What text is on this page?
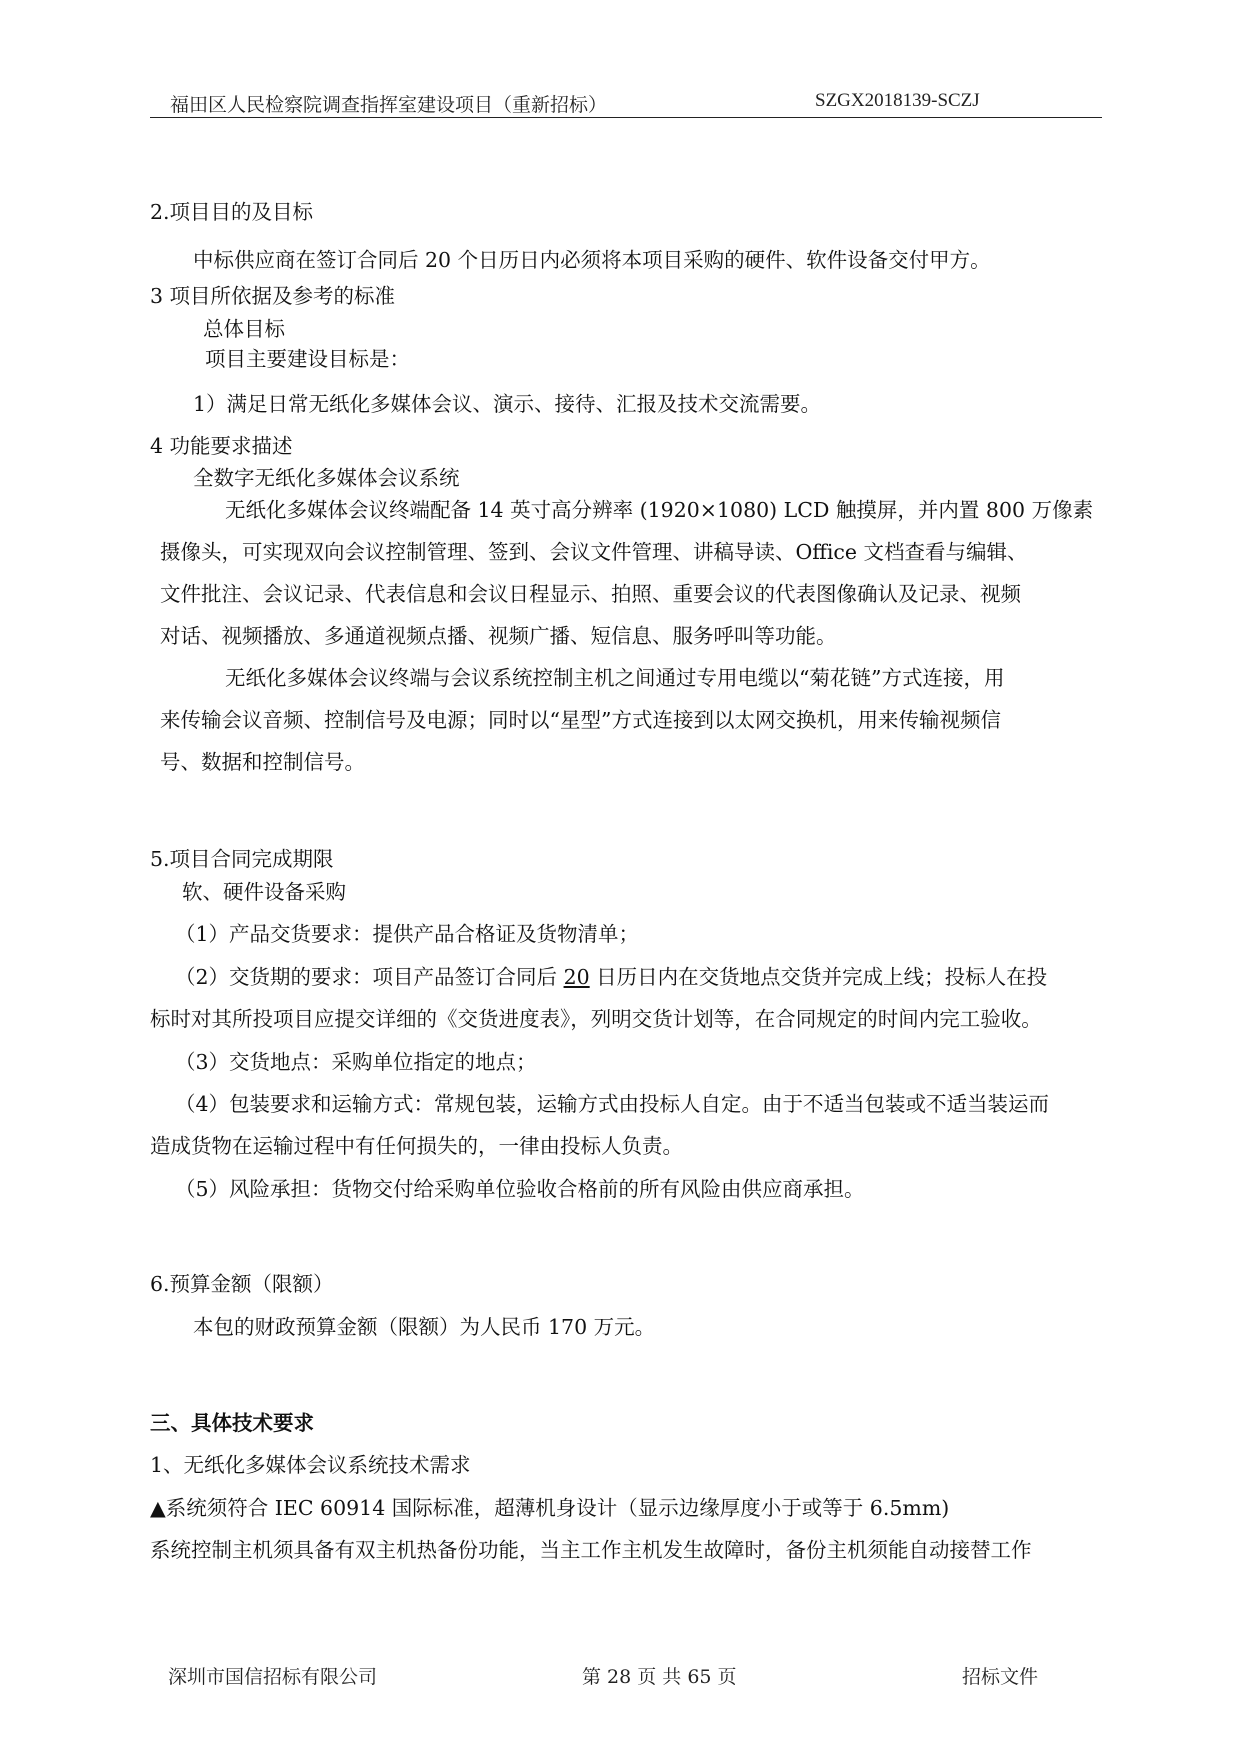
福田区人民检察院调查指挥室建设项目（重新招标）	SZGX2018139-SCZJ
2.项目目的及目标
中标供应商在签订合同后 20 个日历日内必须将本项目采购的硬件、软件设备交付甲方。
3 项目所依据及参考的标准
总体目标
项目主要建设目标是：
1）满足日常无纸化多媒体会议、演示、接待、汇报及技术交流需要。
4 功能要求描述
全数字无纸化多媒体会议系统
无纸化多媒体会议终端配备 14 英寸高分辨率 (1920×1080) LCD 触摸屏，并内置 800 万像素
摄像头，可实现双向会议控制管理、签到、会议文件管理、讲稿导读、Office 文档查看与编辑、
文件批注、会议记录、代表信息和会议日程显示、拍照、重要会议的代表图像确认及记录、视频
对话、视频播放、多通道视频点播、视频广播、短信息、服务呼叫等功能。
无纸化多媒体会议终端与会议系统控制主机之间通过专用电缆以“菊花链”方式连接，用
来传输会议音频、控制信号及电源；同时以“星型”方式连接到以太网交换机，用来传输视频信
号、数据和控制信号。
5.项目合同完成期限
软、硬件设备采购
（1）产品交货要求：提供产品合格证及货物清单；
（2）交货期的要求：项目产品签订合同后 20 日历日内在交货地点交货并完成上线；投标人在投
标时对其所投项目应提交详细的《交货进度表》，列明交货计划等，在合同规定的时间内完工验收。
（3）交货地点：采购单位指定的地点；
（4）包装要求和运输方式：常规包装，运输方式由投标人自定。由于不适当包装或不适当装运而
造成货物在运输过程中有任何损失的，一律由投标人负责。
（5）风险承担：货物交付给采购单位验收合格前的所有风险由供应商承担。
6.预算金额（限额）
本包的财政预算金额（限额）为人民币 170 万元。
三、具体技术要求
1、无纸化多媒体会议系统技术需求
▲系统须符合 IEC 60914 国际标准，超薄机身设计（显示边缘厚度小于或等于 6.5mm)
系统控制主机须具备有双主机热备份功能，当主工作主机发生故障时，备份主机须能自动接替工作
深圳市国信招标有限公司	第 28 页 共 65 页	招标文件
